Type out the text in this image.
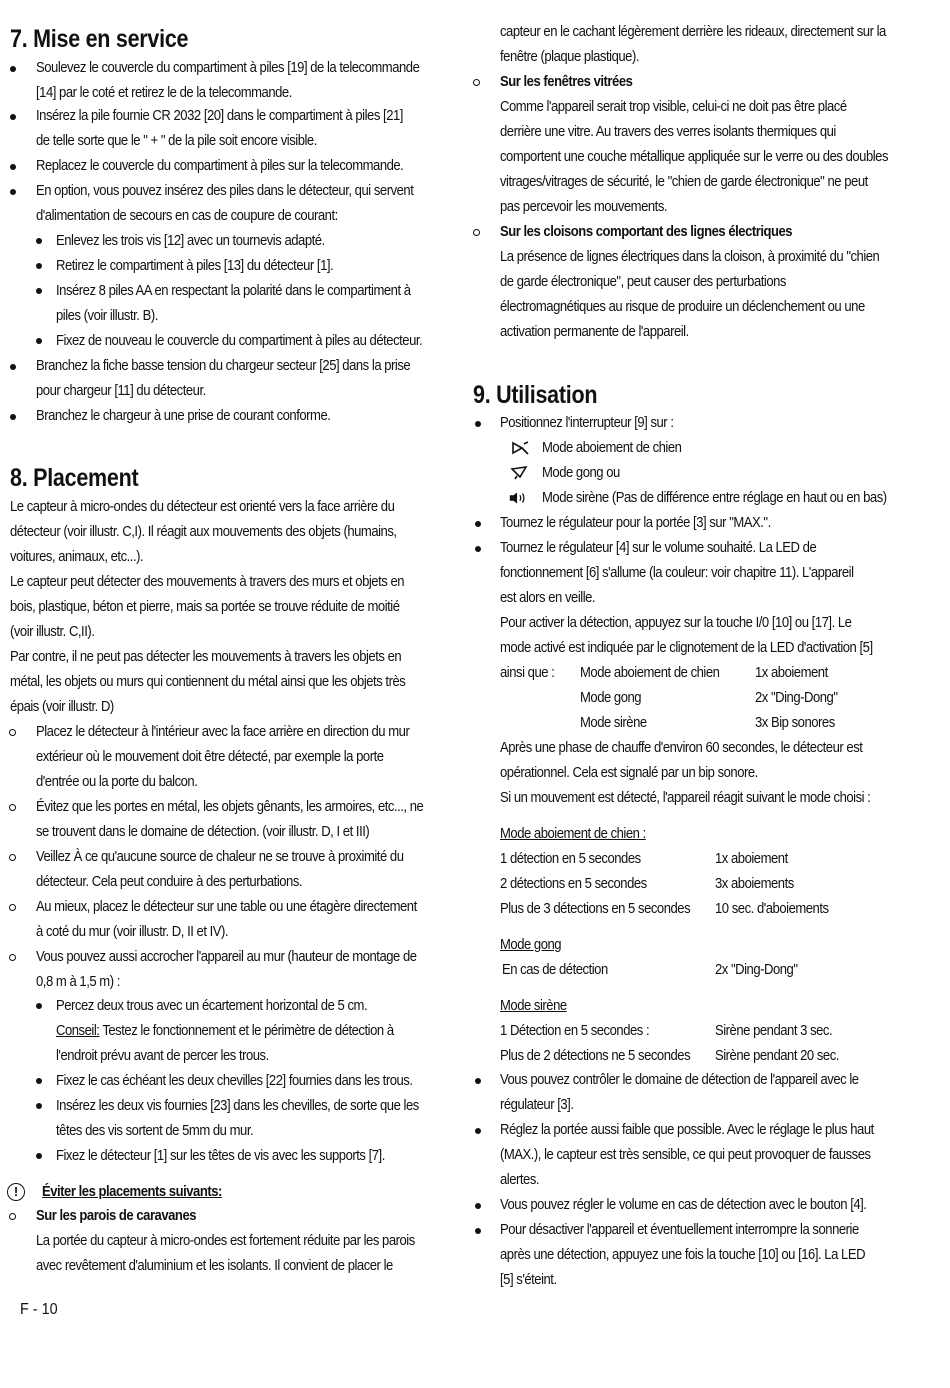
7. Mise en service
Soulevez le couvercle du compartiment à piles [19] de la telecommande
[14] par le coté et retirez le de la telecommande.
Insérez la pile fournie CR 2032 [20] dans le compartiment à piles [21]
de telle sorte que le " + " de la pile soit encore visible.
Replacez le couvercle du compartiment à piles sur la telecommande.
En option, vous pouvez insérez des piles dans le détecteur, qui servent
d'alimentation de secours en cas de coupure de courant:
Enlevez les trois vis [12] avec un tournevis adapté.
Retirez le compartiment à piles [13] du détecteur [1].
Insérez 8 piles AA en respectant la polarité dans le compartiment à
piles (voir illustr. B).
Fixez de nouveau le couvercle du compartiment à piles au détecteur.
Branchez la fiche basse tension du chargeur secteur [25] dans la prise
pour chargeur [11] du détecteur.
Branchez le chargeur à une prise de courant conforme.
8. Placement
Le capteur à micro-ondes du détecteur est orienté vers la face arrière du
détecteur (voir illustr. C,I). Il réagit aux mouvements des objets (humains,
voitures, animaux, etc...).
Le capteur peut détecter des mouvements à travers des murs et objets en
bois, plastique, béton et pierre, mais sa portée se trouve réduite de moitié
(voir illustr. C,II).
Par contre, il ne peut pas détecter les mouvements à travers les objets en
métal, les objets ou murs qui contiennent du métal ainsi que les objets très
épais (voir illustr. D)
Placez le détecteur à l'intérieur avec la face arrière en direction du mur
extérieur où le mouvement doit être détecté, par exemple la porte
d'entrée ou la porte du balcon.
Évitez que les portes en métal, les objets gênants, les armoires, etc..., ne
se trouvent dans le domaine de détection. (voir illustr. D, I et III)
Veillez À ce qu'aucune source de chaleur ne se trouve à proximité du
détecteur. Cela peut conduire à des perturbations.
Au mieux, placez le détecteur sur une table ou une étagère directement
à coté du mur (voir illustr. D, II et IV).
Vous pouvez aussi accrocher l'appareil au mur (hauteur de montage de
0,8 m à 1,5 m) :
Percez deux trous avec un écartement horizontal de 5 cm.
Conseil: Testez le fonctionnement et le périmètre de détection à
l'endroit prévu avant de percer les trous.
Fixez le cas échéant les deux chevilles [22] fournies dans les trous.
Insérez les deux vis fournies [23] dans les chevilles, de sorte que les
têtes des vis sortent de 5mm du mur.
Fixez le détecteur [1] sur les têtes de vis avec les supports [7].
!	Éviter les placements suivants:
Sur les parois de caravanes
La portée du capteur à micro-ondes est fortement réduite par les parois
avec revêtement d'aluminium et les isolants. Il convient de placer le
capteur en le cachant légèrement derrière les rideaux, directement sur la
fenêtre (plaque plastique).
Sur les fenêtres vitrées
Comme l'appareil serait trop visible, celui-ci ne doit pas être placé
derrière une vitre. Au travers des verres isolants thermiques qui
comportent une couche métallique appliquée sur le verre ou des doubles
vitrages/vitrages de sécurité, le "chien de garde électronique" ne peut
pas percevoir les mouvements.
Sur les cloisons comportant des lignes électriques
La présence de lignes électriques dans la cloison, à proximité du "chien
de garde électronique", peut causer des perturbations
électromagnétiques au risque de produire un déclenchement ou une
activation permanente de l'appareil.
9. Utilisation
Positionnez l'interrupteur [9] sur :
Mode aboiement de chien
Mode gong ou
Mode sirène (Pas de différence entre réglage en haut ou en bas)
Tournez le régulateur pour la portée [3] sur "MAX.".
Tournez le régulateur [4] sur le volume souhaité. La LED de
fonctionnement [6] s'allume (la couleur: voir chapitre 11). L'appareil
est alors en veille.
Pour activer la détection, appuyez sur la touche I/0 [10] ou [17]. Le
mode activé est indiquée par le clignotement de la LED d'activation [5]
ainsi que : Mode aboiement de chien 1x aboiement
Mode gong	2x "Ding-Dong"
Mode sirène	3x Bip sonores
Après une phase de chauffe d'environ 60 secondes, le détecteur est
opérationnel. Cela est signalé par un bip sonore.
Si un mouvement est détecté, l'appareil réagit suivant le mode choisi :
Mode aboiement de chien :
1 détection en 5 secondes	1x aboiement
2 détections en 5 secondes	3x aboiements
Plus de 3 détections en 5 secondes 10 sec. d'aboiements
Mode gong
En cas de détection	2x "Ding-Dong"
Mode sirène
1 Détection en 5 secondes :	Sirène pendant 3 sec.
Plus de 2 détections ne 5 secondes Sirène pendant 20 sec.
Vous pouvez contrôler le domaine de détection de l'appareil avec le
régulateur [3].
Réglez la portée aussi faible que possible. Avec le réglage le plus haut
(MAX.), le capteur est très sensible, ce qui peut provoquer de fausses
alertes.
Vous pouvez régler le volume en cas de détection avec le bouton [4].
Pour désactiver l'appareil et éventuellement interrompre la sonnerie
après une détection, appuyez une fois la touche [10] ou [16]. La LED
[5] s'éteint.
F - 10
